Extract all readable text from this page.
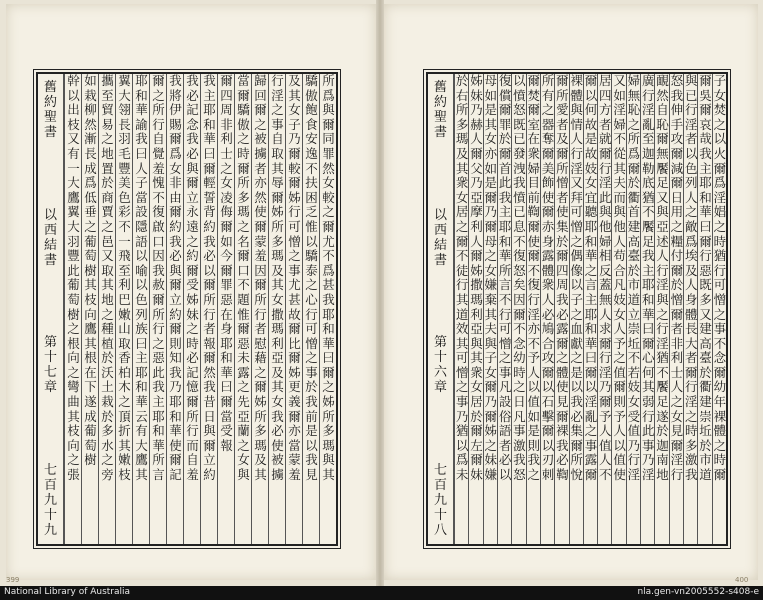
舊
約
聖
書
以
西
結
書
第
十
七
章
七
百
九
十
九
所
爲
與
爾
同
罪
然
女
較
之
爾
尤
不
爲
甚
我
耶
和
華
曰
爾
之
姊
所
多
瑪
與
其
驕
傲
飽
食
安
逸
不
扶
困
乏
惟
以
驕
泰
之
心
行
可
憎
之
事
於
我
前
是
以
我
見
及
其
女
子
乃
爾
較
爾
姊
行
可
憎
之
事
尤
甚
故
爾
比
爾
姊
更
義
爾
亦
當
蒙
羞
行
淫
之
事
自
取
其
辱
爾
姊
所
多
瑪
及
其
女
撒
瑪
利
亞
及
其
女
我
必
使
被
擄
歸
回
爾
之
被
擄
者
亦
然
使
爾
蒙
羞
因
爾
所
行
者
慰
藉
之
爾
姊
所
多
瑪
及
其
當
爾
驕
傲
之
時
爾
所
多
瑪
之
名
爾
口
不
題
惟
爾
惡
未
露
之
先
亞
蘭
之
女
與
爾
四
周
非
利
士
之
女
凌
侮
爾
如
今
爾
罪
惡
在
身
耶
和
華
曰
爾
當
受
報
我
主
耶
和
華
曰
爾
輕
誓
背
約
我
必
以
爾
所
行
者
報
爾
然
我
昔
日
與
爾
立
約
我
必
記
念
我
必
與
爾
立
永
遠
之
約
爾
受
姊
妹
之
時
必
記
憶
爾
所
行
而
自
羞
我
將
伊
賜
爾
爲
女
非
由
爾
約
我
必
與
爾
立
約
爾
則
知
我
乃
耶
和
華
使
爾
記
爾
之
所
行
自
覺
羞
愧
不
復
啟
口
因
我
赦
爾
所
行
之
惡
此
我
主
耶
和
華
所
言
耶
和
華
諭
我
曰
人
子
當
設
隱
語
以
喻
以
色
列
族
曰
主
耶
和
華
云
有
大
鷹
其
翼
大
翎
長
羽
毛
豐
美
色
彩
不
一
飛
至
利
巴
嫩
山
取
香
柏
木
之
頂
折
其
嫩
枝
攜
至
貿
易
之
地
置
於
商
賈
之
邑
又
取
其
地
之
種
植
於
沃
土
栽
於
多
水
之
旁
如
栽
柳
然
漸
長
成
爲
低
垂
之
葡
萄
樹
其
枝
向
鷹
其
根
在
下
遂
成
葡
萄
樹
幹
以
出
枝
又
有
一
大
鷹
翼
大
羽
豐
此
葡
萄
樹
之
根
向
之
彎
曲
其
枝
向
之
張
舊
約
聖
書
以
西
結
書
第
十
六
章
七
百
九
十
八
子
女
焚
之
以
火
爾
爲
淫
娼
之
時
猶
行
可
憎
之
事
不
念
爾
幼
年
裸
體
之
時
爾
爾
吳
爾
哀
哉
我
主
耶
和
華
曰
爾
行
惡
既
多
又
建
高
臺
於
衢
建
崇
坵
於
市
道
與
已
行
淫
者
以
色
列
人
之
敵
爲
埃
及
人
身
體
長
大
者
爾
行
淫
之
時
多
激
我
怒
我
伸
手
攻
爾
減
爾
日
用
之
糧
付
爾
於
憎
爾
者
非
利
士
人
之
女
見
爾
淫
行
靦
然
自
恥
爾
無
饜
足
又
與
亞
述
人
行
淫
與
之
行
淫
猶
不
饜
足
遂
於
迦
南
地
廣
行
淫
亂
至
迦
勒
底
猶
不
饜
足
我
主
耶
和
華
曰
爾
心
何
其
弱
行
此
事
乃
淫
婦
無
恥
之
所
爲
爾
於
衢
首
建
高
臺
於
市
道
立
崇
坵
不
若
妓
女
受
值
乃
行
淫
又
如
淫
婦
不
從
其
夫
而
與
他
人
苟
合
凡
妓
女
人
予
之
值
爾
則
予
人
以
值
使
居
四
方
者
就
爾
行
淫
此
與
他
婦
相
反
蓋
無
人
求
爾
行
淫
乃
爾
予
人
值
人
不
爾
以
何
故
是
故
妓
女
宜
聽
耶
和
華
之
言
主
耶
和
華
曰
爾
以
淫
亂
之
事
露
爾
裸
體
與
情
人
行
淫
又
拜
可
憎
之
偶
像
以
子
之
血
獻
之
是
以
我
必
集
爾
所
悅
爾
所
愛
者
及
爾
所
憎
者
使
集
於
爾
四
周
我
必
露
爾
之
體
使
見
爾
裸
我
必
鞫
所
有
之
器
奪
爾
美
飾
使
爾
赤
身
露
體
衆
人
必
鳩
合
攻
爾
以
石
擊
爾
以
刃
刺
爾
焚
爾
室
在
衆
婦
目
前
鞫
爾
使
爾
不
復
行
淫
亦
不
予
人
以
值
如
是
則
我
之
以
憤
怒
既
已
發
洩
我
憤
已
息
不
復
怒
矣
因
爾
不
念
幼
時
之
日
凡
事
激
我
怒
復
償
爾
罪
於
爾
首
此
我
主
耶
和
華
所
言
不
行
可
憎
之
事
凡
設
俗
語
者
必
以
母
如
是
其
女
亦
如
是
爾
乃
爾
母
之
女
嫌
棄
其
夫
與
子
女
爾
乃
爾
姊
之
妹
嫌
姊
妹
乃
赫
人
爾
父
乃
亞
摩
利
人
爾
姊
撒
瑪
利
亞
與
其
衆
女
居
於
爾
左
爾
妹
於
右
所
多
瑪
及
其
衆
女
居
之
爾
不
徒
行
其
道
效
其
可
憎
之
事
乃
猶
以
爲
未
399	400
National Library of Australia	nla.gen-vn2005552-s408-e
